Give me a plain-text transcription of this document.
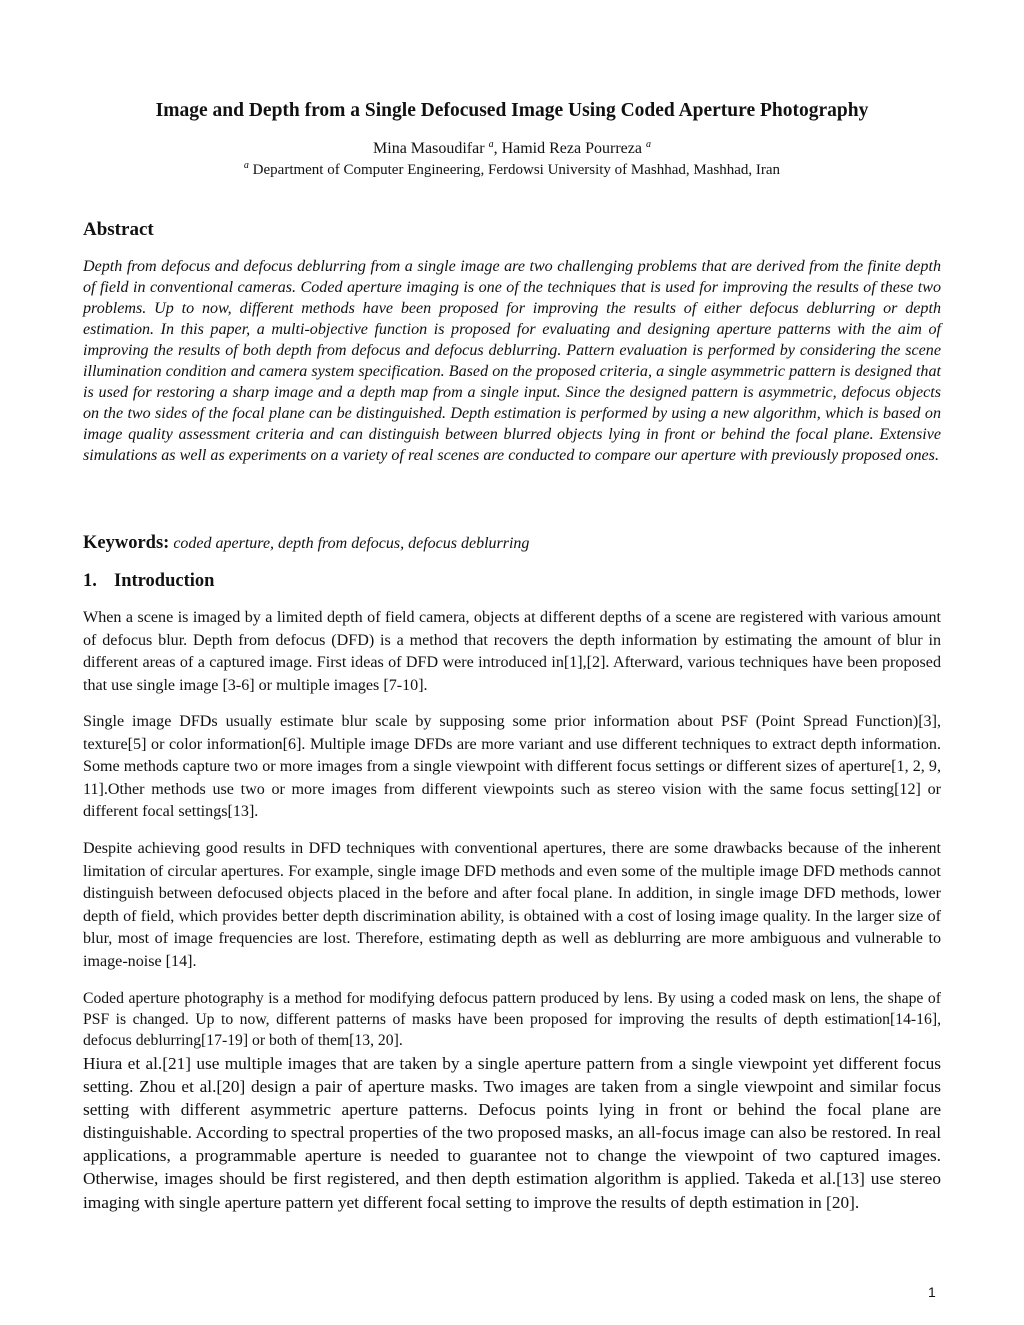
Image and Depth from a Single Defocused Image Using Coded Aperture Photography
Mina Masoudifar $^a$, Hamid Reza Pourreza $^a$
$^a$ Department of Computer Engineering, Ferdowsi University of Mashhad, Mashhad, Iran
Abstract

Depth from defocus and defocus deblurring from a single image are two challenging problems that are derived from the finite depth of field in conventional cameras. Coded aperture imaging is one of the techniques that is used for improving the results of these two problems. Up to now, different methods have been proposed for improving the results of either defocus deblurring or depth estimation. In this paper, a multi-objective function is proposed for evaluating and designing aperture patterns with the aim of improving the results of both depth from defocus and defocus deblurring. Pattern evaluation is performed by considering the scene illumination condition and camera system specification. Based on the proposed criteria, a single asymmetric pattern is designed that is used for restoring a sharp image and a depth map from a single input. Since the designed pattern is asymmetric, defocus objects on the two sides of the focal plane can be distinguished. Depth estimation is performed by using a new algorithm, which is based on image quality assessment criteria and can distinguish between blurred objects lying in front or behind the focal plane. Extensive simulations as well as experiments on a variety of real scenes are conducted to compare our aperture with previously proposed ones.

Keywords: coded aperture, depth from defocus, defocus deblurring

1. Introduction

When a scene is imaged by a limited depth of field camera, objects at different depths of a scene are registered with various amount of defocus blur. Depth from defocus (DFD) is a method that recovers the depth information by estimating the amount of blur in different areas of a captured image. First ideas of DFD were introduced in[1],[2]. Afterward, various techniques have been proposed that use single image [3-6] or multiple images [7-10].

Single image DFDs usually estimate blur scale by supposing some prior information about PSF (Point Spread Function)[3], texture[5] or color information[6]. Multiple image DFDs are more variant and use different techniques to extract depth information. Some methods capture two or more images from a single viewpoint with different focus settings or different sizes of aperture[1, 2, 9, 11].Other methods use two or more images from different viewpoints such as stereo vision with the same focus setting[12] or different focal settings[13].

Despite achieving good results in DFD techniques with conventional apertures, there are some drawbacks because of the inherent limitation of circular apertures. For example, single image DFD methods and even some of the multiple image DFD methods cannot distinguish between defocused objects placed in the before and after focal plane. In addition, in single image DFD methods, lower depth of field, which provides better depth discrimination ability, is obtained with a cost of losing image quality. In the larger size of blur, most of image frequencies are lost. Therefore, estimating depth as well as deblurring are more ambiguous and vulnerable to image-noise [14].

Coded aperture photography is a method for modifying defocus pattern produced by lens. By using a coded mask on lens, the shape of PSF is changed. Up to now, different patterns of masks have been proposed for improving the results of depth estimation[14-16], defocus deblurring[17-19] or both of them[13, 20].

Hiura et al.[21] use multiple images that are taken by a single aperture pattern from a single viewpoint yet different focus setting. Zhou et al.[20] design a pair of aperture masks. Two images are taken from a single viewpoint and similar focus setting with different asymmetric aperture patterns. Defocus points lying in front or behind the focal plane are distinguishable. According to spectral properties of the two proposed masks, an all-focus image can also be restored. In real applications, a programmable aperture is needed to guarantee not to change the viewpoint of two captured images. Otherwise, images should be first registered, and then depth estimation algorithm is applied. Takeda et al.[13] use stereo imaging with single aperture pattern yet different focal setting to improve the results of depth estimation in [20].

1
